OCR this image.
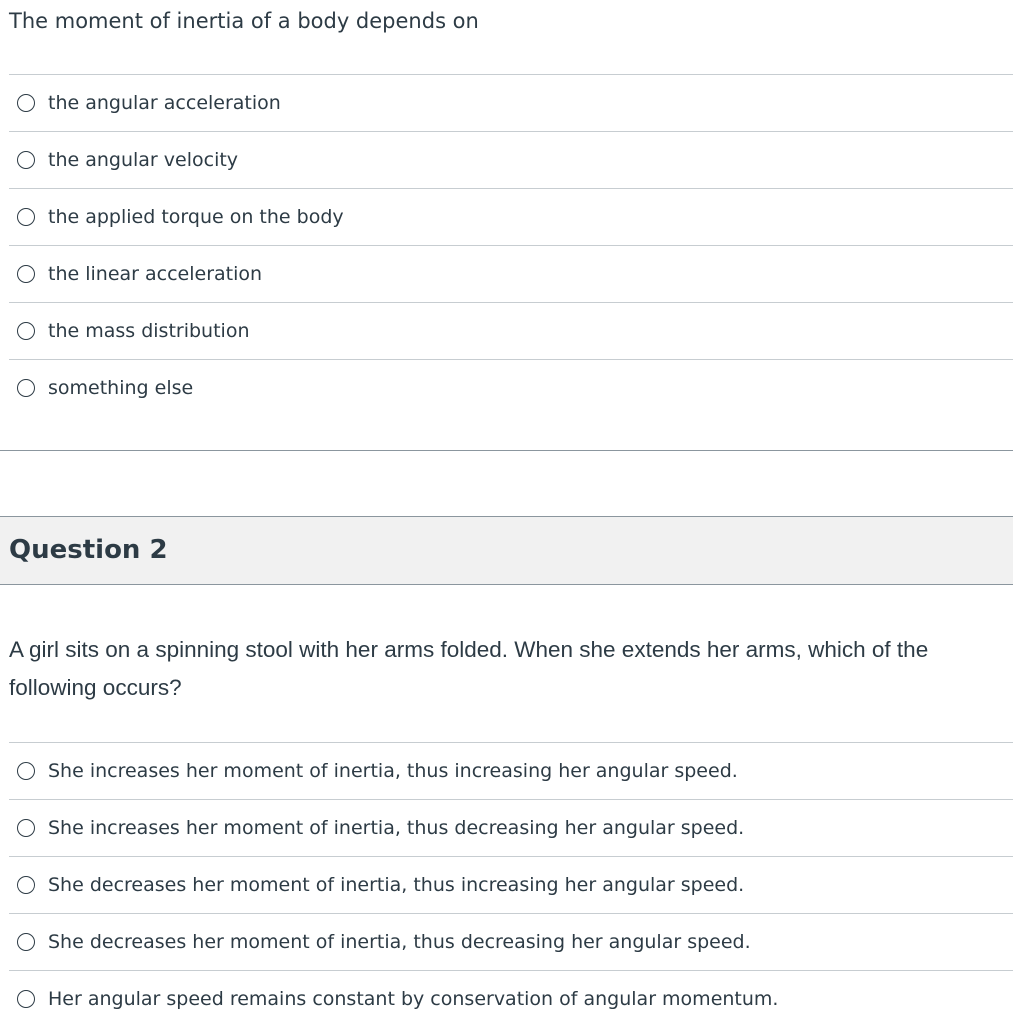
The moment of inertia of a body depends on

the angular acceleration
the angular velocity
the applied torque on the body
the linear acceleration
the mass distribution
something else
Question 2

A girl sits on a spinning stool with her arms folded. When she extends her arms, which of the following occurs?

She increases her moment of inertia, thus increasing her angular speed.
She increases her moment of inertia, thus decreasing her angular speed.
She decreases her moment of inertia, thus increasing her angular speed.
She decreases her moment of inertia, thus decreasing her angular speed.
Her angular speed remains constant by conservation of angular momentum.
